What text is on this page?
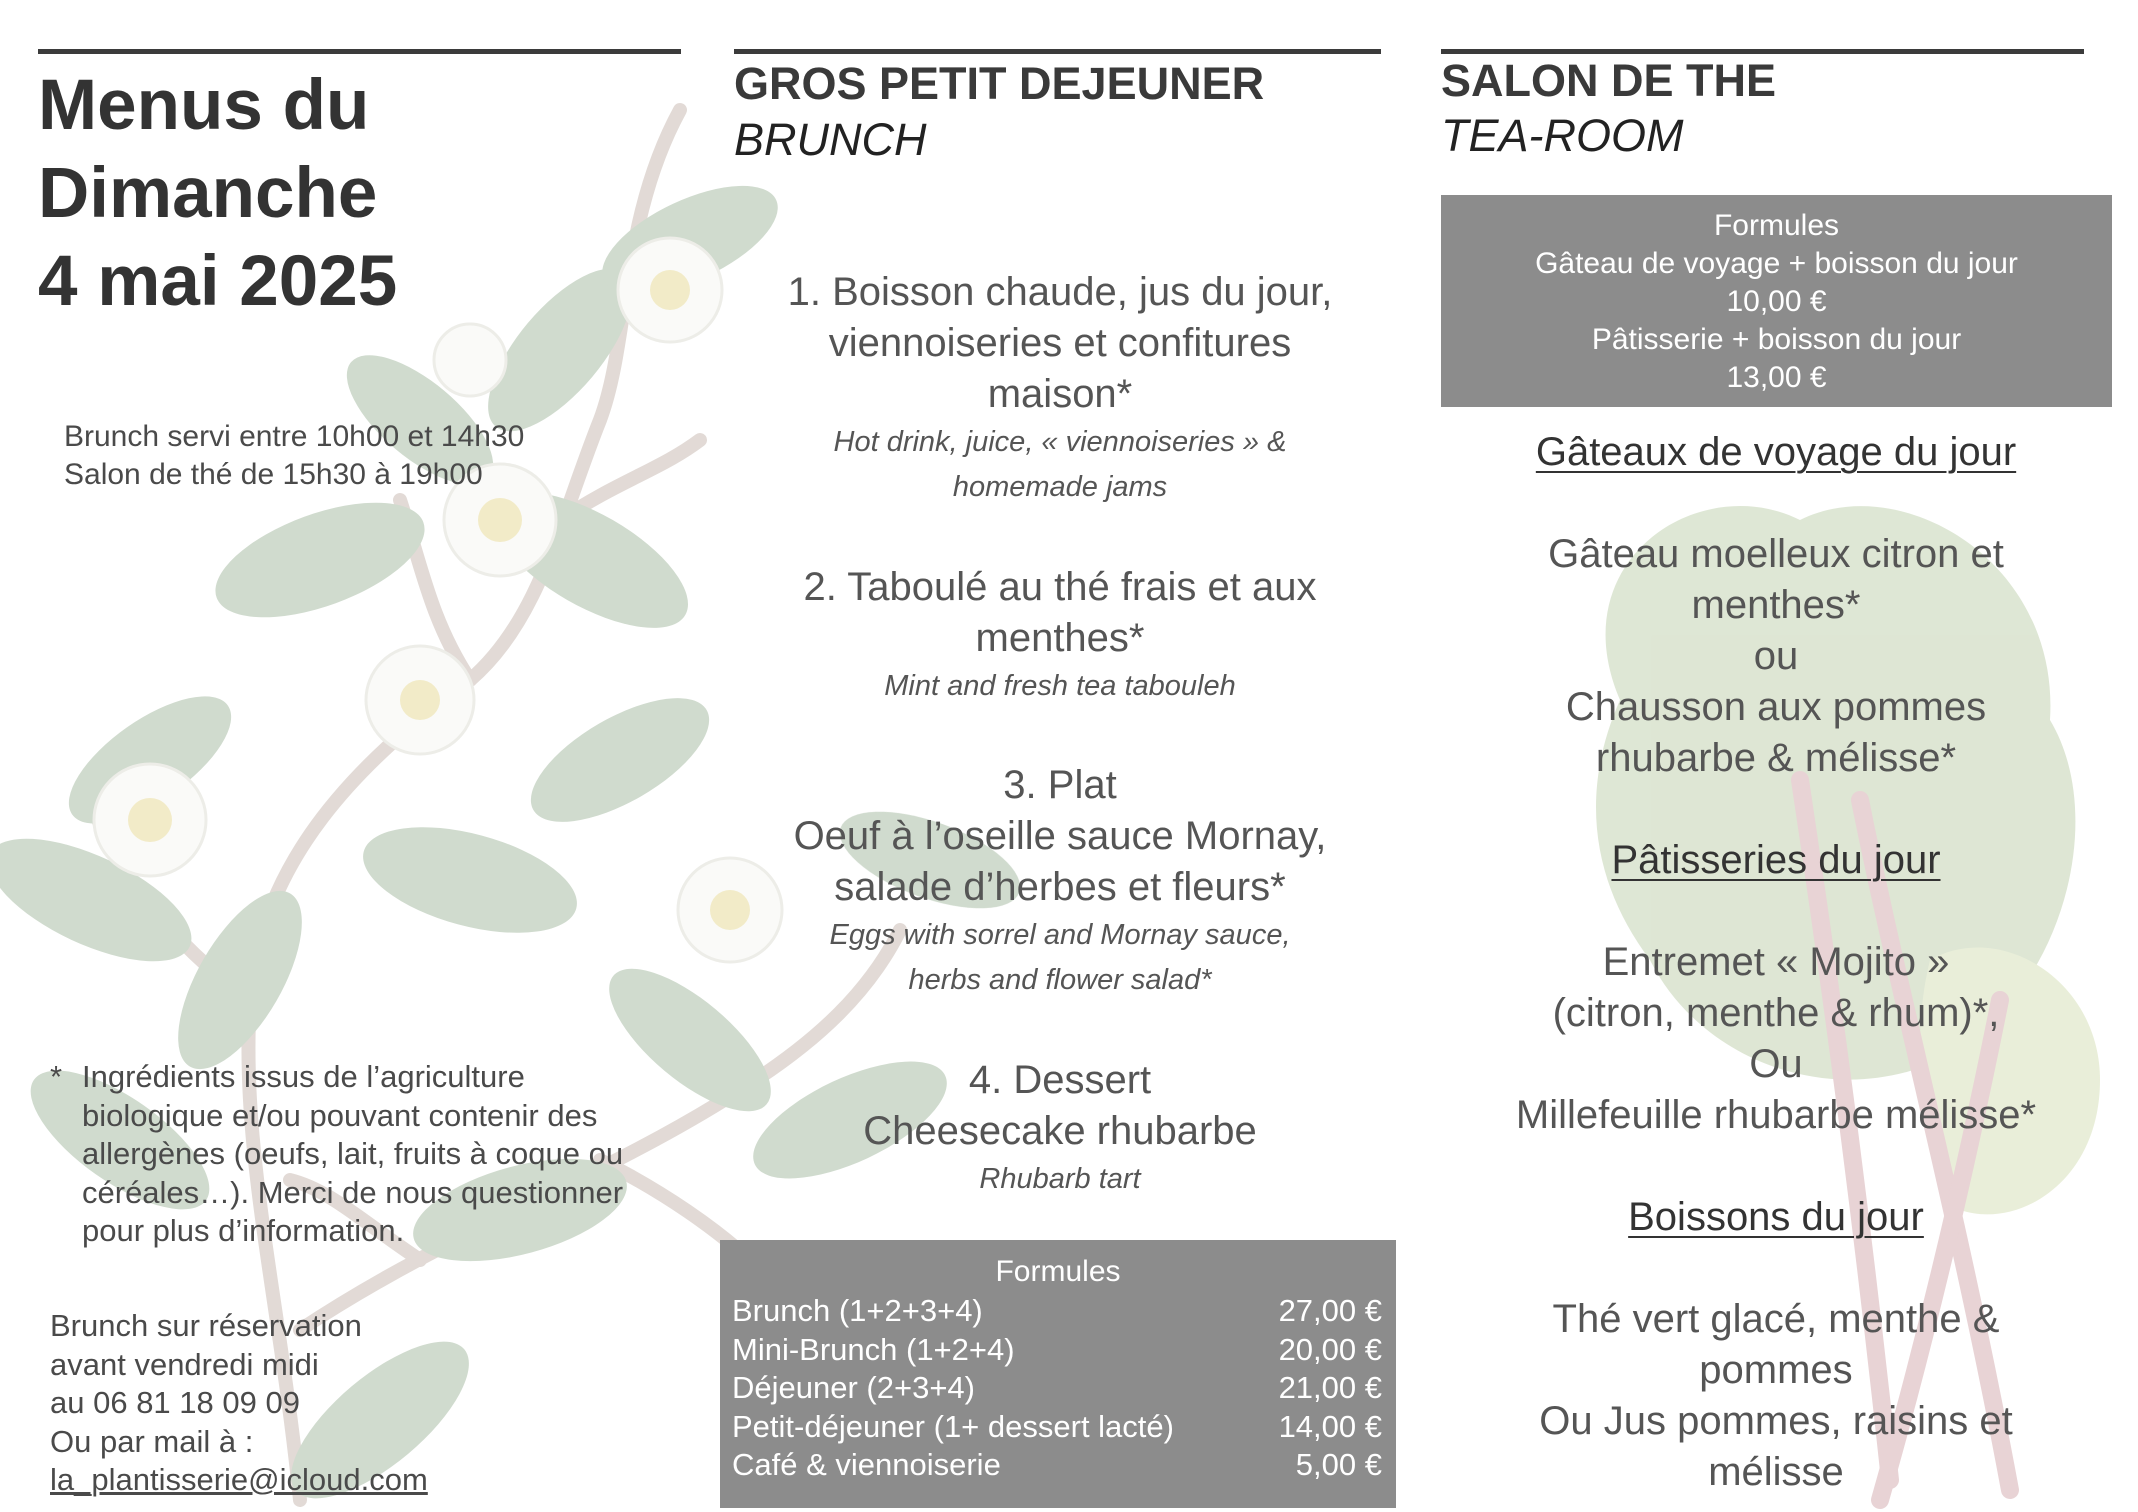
Menus du
Dimanche
4 mai 2025
Brunch servi entre 10h00 et 14h30
Salon de thé de 15h30 à 19h00
* Ingrédients issus de l’agriculture
biologique et/ou pouvant contenir des
allergènes (oeufs, lait, fruits à coque ou
céréales…). Merci de nous questionner
pour plus d’information.
Brunch sur réservation
avant vendredi midi
au 06 81 18 09 09
Ou par mail à :
la_plantisserie@icloud.com
GROS PETIT DEJEUNER
BRUNCH
1. Boisson chaude, jus du jour,
viennoiseries et confitures
maison*
Hot drink, juice, « viennoiseries » &
homemade jams
2. Taboulé au thé frais et aux
menthes*
Mint and fresh tea tabouleh
3. Plat
Oeuf à l’oseille sauce Mornay,
salade d’herbes et fleurs*
Eggs with sorrel and Mornay sauce,
herbs and flower salad*
4. Dessert
Cheesecake rhubarbe
Rhubarb tart
Formules
Brunch (1+2+3+4)	27,00 €
Mini-Brunch (1+2+4)	20,00 €
Déjeuner (2+3+4)	21,00 €
Petit-déjeuner (1+ dessert lacté)	14,00 €
Café & viennoiserie	5,00 €
SALON DE THE
TEA-ROOM
Formules
Gâteau de voyage + boisson du jour
10,00 €
Pâtisserie + boisson du jour
13,00 €
Gâteaux de voyage du jour
Gâteau moelleux citron et
menthes*
ou
Chausson aux pommes
rhubarbe & mélisse*
Pâtisseries du jour
Entremet « Mojito »
(citron, menthe & rhum)*,
Ou
Millefeuille rhubarbe mélisse*
Boissons du jour
Thé vert glacé, menthe &
pommes
Ou Jus pommes, raisins et
mélisse
